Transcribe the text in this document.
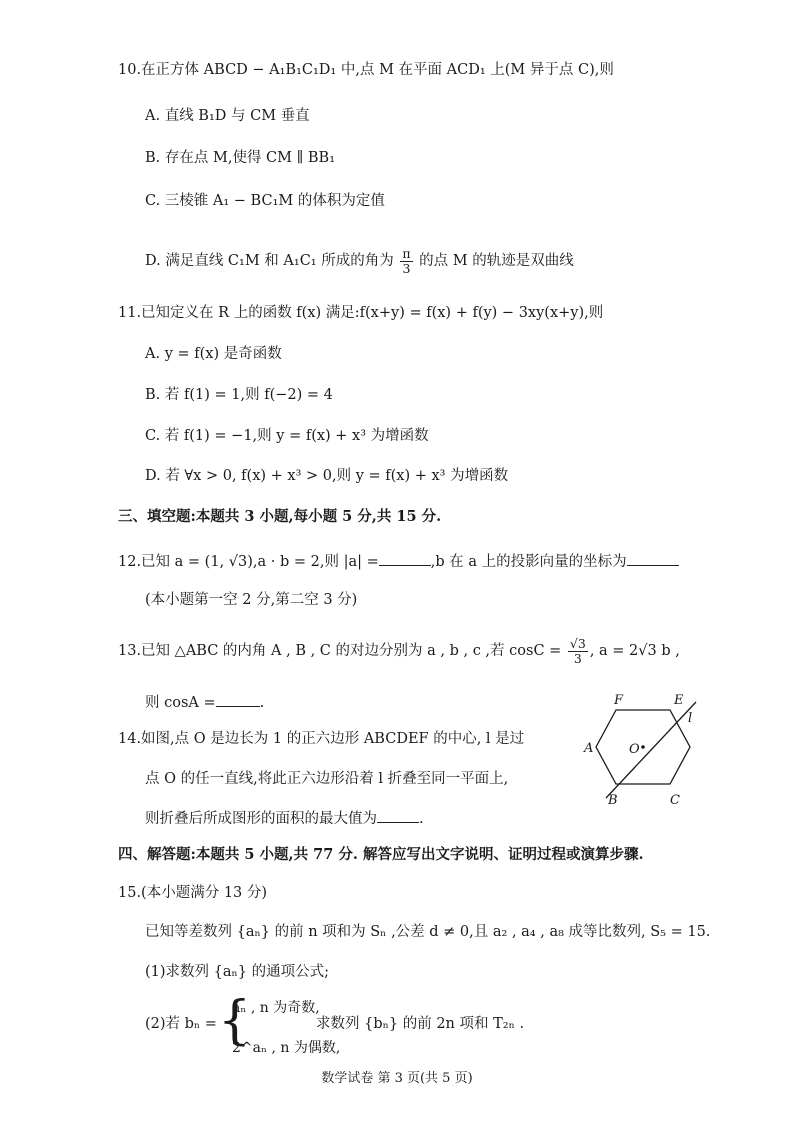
10.在正方体 ABCD − A₁B₁C₁D₁ 中,点 M 在平面 ACD₁ 上(M 异于点 C),则
A. 直线 B₁D 与 CM 垂直
B. 存在点 M,使得 CM ∥ BB₁
C. 三棱锥 A₁ − BC₁M 的体积为定值
D. 满足直线 C₁M 和 A₁C₁ 所成的角为 $\frac{\pi}{3}$ 的点 M 的轨迹是双曲线
11.已知定义在 R 上的函数 f(x) 满足:f(x+y) = f(x) + f(y) − 3xy(x+y),则
A. y = f(x) 是奇函数
B. 若 f(1) = 1,则 f(−2) = 4
C. 若 f(1) = −1,则 y = f(x) + x³ 为增函数
D. 若 ∀x > 0, f(x) + x³ > 0,则 y = f(x) + x³ 为增函数
三、填空题:本题共 3 小题,每小题 5 分,共 15 分.
12.已知 a = (1, √3),a · b = 2,则 |a| =	,b 在 a 上的投影向量的坐标为
(本小题第一空 2 分,第二空 3 分)
13.已知 △ABC 的内角 A , B , C 的对边分别为 a , b , c ,若 $\cos C = \frac{√3}{3}$ , a = 2√3 b ,
则 cosA =	.
14.如图,点 O 是边长为 1 的正六边形 ABCDEF 的中心, l 是过
点 O 的任一直线,将此正六边形沿着 l 折叠至同一平面上,
则折叠后所成图形的面积的最大值为	.
A
B	C
E
F
O
l
四、解答题:本题共 5 小题,共 77 分. 解答应写出文字说明、证明过程或演算步骤.
15.(本小题满分 13 分)
已知等差数列 {aₙ} 的前 n 项和为 Sₙ ,公差 d ≠ 0,且 a₂ , a₄ , a₈ 成等比数列, S₅ = 15.
(1)求数列 {aₙ} 的通项公式;
(2)若 bₙ = {
aₙ , n 为奇数,
2^aₙ , n 为偶数,
求数列 {bₙ} 的前 2n 项和 T₂ₙ .
数学试卷 第 3 页(共 5 页)
